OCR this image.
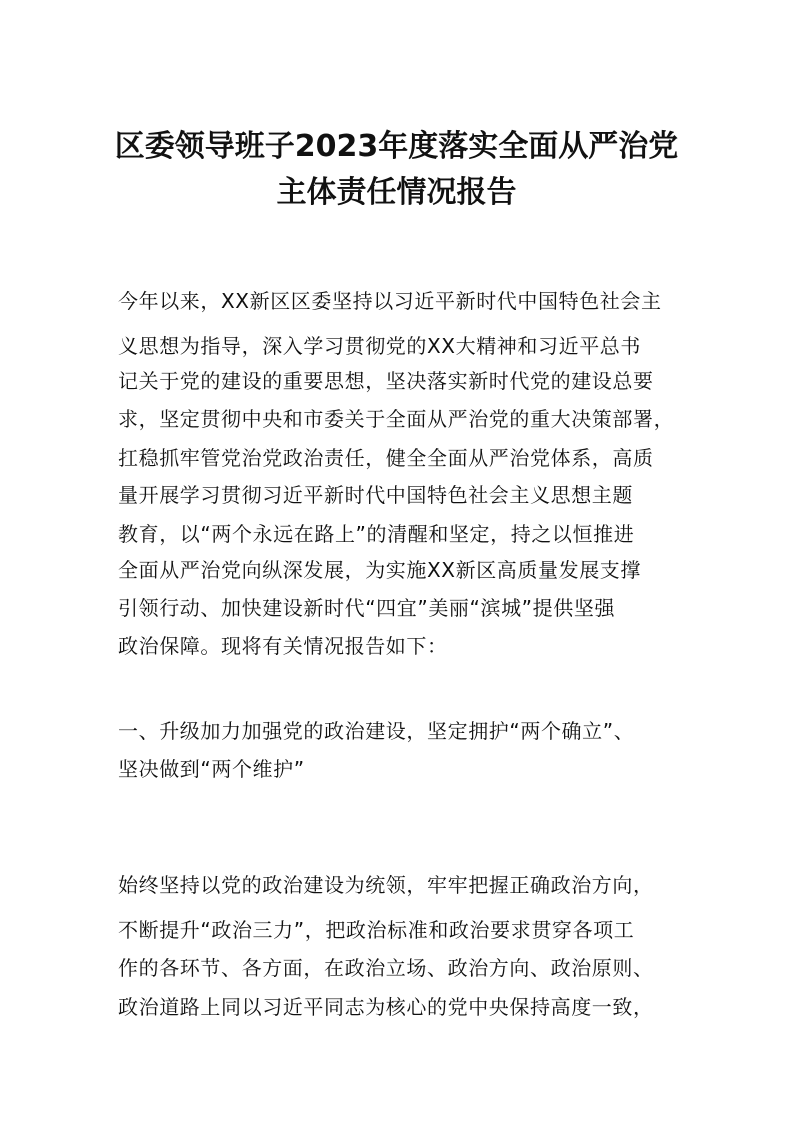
区委领导班子2023年度落实全面从严治党
主体责任情况报告

今年以来，XX新区区委坚持以习近平新时代中国特色社会主

义思想为指导，深入学习贯彻党的XX大精神和习近平总书

记关于党的建设的重要思想，坚决落实新时代党的建设总要

求，坚定贯彻中央和市委关于全面从严治党的重大决策部署，

扛稳抓牢管党治党政治责任，健全全面从严治党体系，高质

量开展学习贯彻习近平新时代中国特色社会主义思想主题

教育，以“两个永远在路上”的清醒和坚定，持之以恒推进

全面从严治党向纵深发展，为实施XX新区高质量发展支撑

引领行动、加快建设新时代“四宜”美丽“滨城”提供坚强

政治保障。现将有关情况报告如下：

一、升级加力加强党的政治建设，坚定拥护“两个确立”、

坚决做到“两个维护”

始终坚持以党的政治建设为统领，牢牢把握正确政治方向，

不断提升“政治三力”，把政治标准和政治要求贯穿各项工

作的各环节、各方面，在政治立场、政治方向、政治原则、

政治道路上同以习近平同志为核心的党中央保持高度一致，
